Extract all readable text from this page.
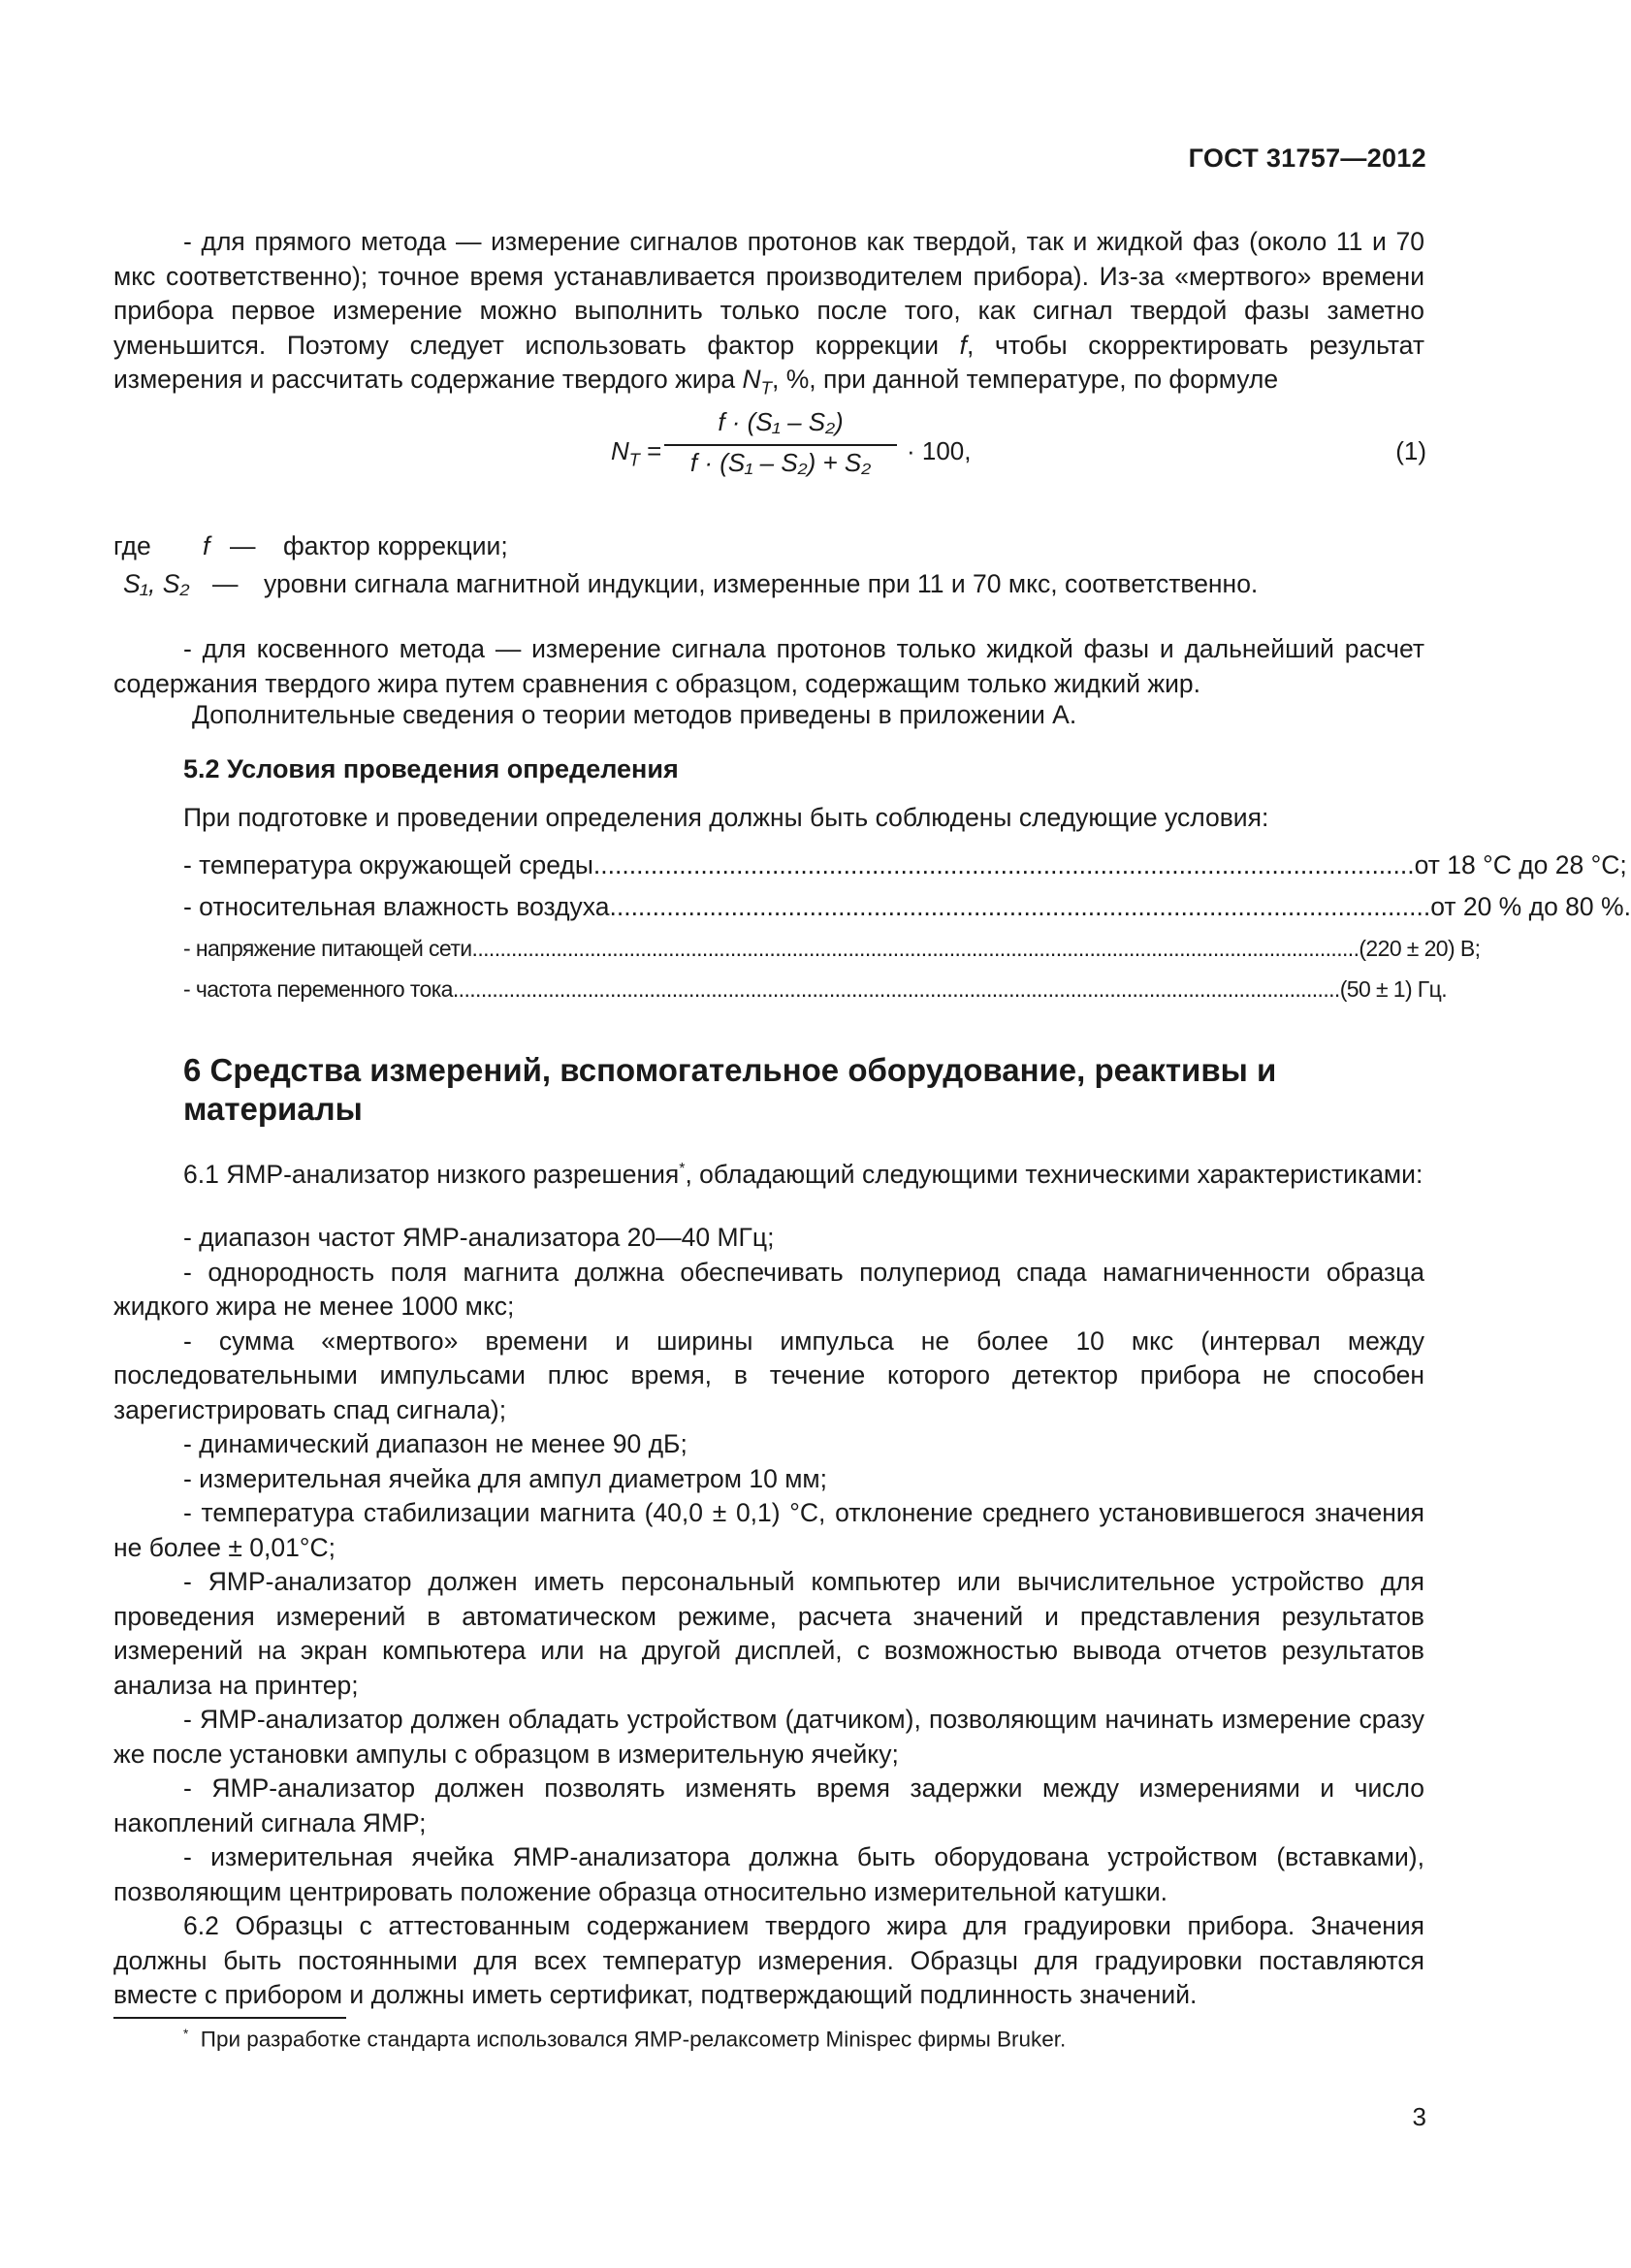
ГОСТ 31757—2012
- для прямого метода — измерение сигналов протонов как твердой, так и жидкой фаз (около 11 и 70 мкс соответственно); точное время устанавливается производителем прибора). Из-за «мертвого» времени прибора первое измерение можно выполнить только после того, как сигнал твердой фазы заметно уменьшится. Поэтому следует использовать фактор коррекции f, чтобы скорректировать результат измерения и рассчитать содержание твердого жира $N_T$, %, при данной температуре, по формуле
$N_T$ =
f · (S₁ – S₂)
f · (S₁ – S₂) + S₂	· 100,	(1)
где f — фактор коррекции;
S₁, S₂ — уровни сигнала магнитной индукции, измеренные при 11 и 70 мкс, соответственно.
- для косвенного метода — измерение сигнала протонов только жидкой фазы и дальнейший расчет содержания твердого жира путем сравнения с образцом, содержащим только жидкий жир.
Дополнительные сведения о теории методов приведены в приложении А.
5.2 Условия проведения определения
При подготовке и проведении определения должны быть соблюдены следующие условия:
- температура окружающей среды ................................................................................................................... от 18 °С до 28 °С;
- относительная влажность воздуха ................................................................................................................... от 20 % до 80 %.
- напряжение питающей сети .............................................................................................................................................................. (220 ± 20) В;
- частота переменного тока .............................................................................................................................................................. (50 ± 1) Гц.
6 Средства измерений, вспомогательное оборудование, реактивы и материалы
6.1 ЯМР-анализатор низкого разрешения*, обладающий следующими техническими характеристиками:
- диапазон частот ЯМР-анализатора 20—40 МГц;
- однородность поля магнита должна обеспечивать полупериод спада намагниченности образца жидкого жира не менее 1000 мкс;
- сумма «мертвого» времени и ширины импульса не более 10 мкс (интервал между последовательными импульсами плюс время, в течение которого детектор прибора не способен зарегистрировать спад сигнала);
- динамический диапазон не менее 90 дБ;
- измерительная ячейка для ампул диаметром 10 мм;
- температура стабилизации магнита (40,0 ± 0,1) °С, отклонение среднего установившегося значения не более ± 0,01°С;
- ЯМР-анализатор должен иметь персональный компьютер или вычислительное устройство для проведения измерений в автоматическом режиме, расчета значений и представления результатов измерений на экран компьютера или на другой дисплей, с возможностью вывода отчетов результатов анализа на принтер;
- ЯМР-анализатор должен обладать устройством (датчиком), позволяющим начинать измерение сразу же после установки ампулы с образцом в измерительную ячейку;
- ЯМР-анализатор должен позволять изменять время задержки между измерениями и число накоплений сигнала ЯМР;
- измерительная ячейка ЯМР-анализатора должна быть оборудована устройством (вставками), позволяющим центрировать положение образца относительно измерительной катушки.
6.2 Образцы с аттестованным содержанием твердого жира для градуировки прибора. Значения должны быть постоянными для всех температур измерения. Образцы для градуировки поставляются вместе с прибором и должны иметь сертификат, подтверждающий подлинность значений.
* При разработке стандарта использовался ЯМР-релаксометр Minispec фирмы Bruker.
3
